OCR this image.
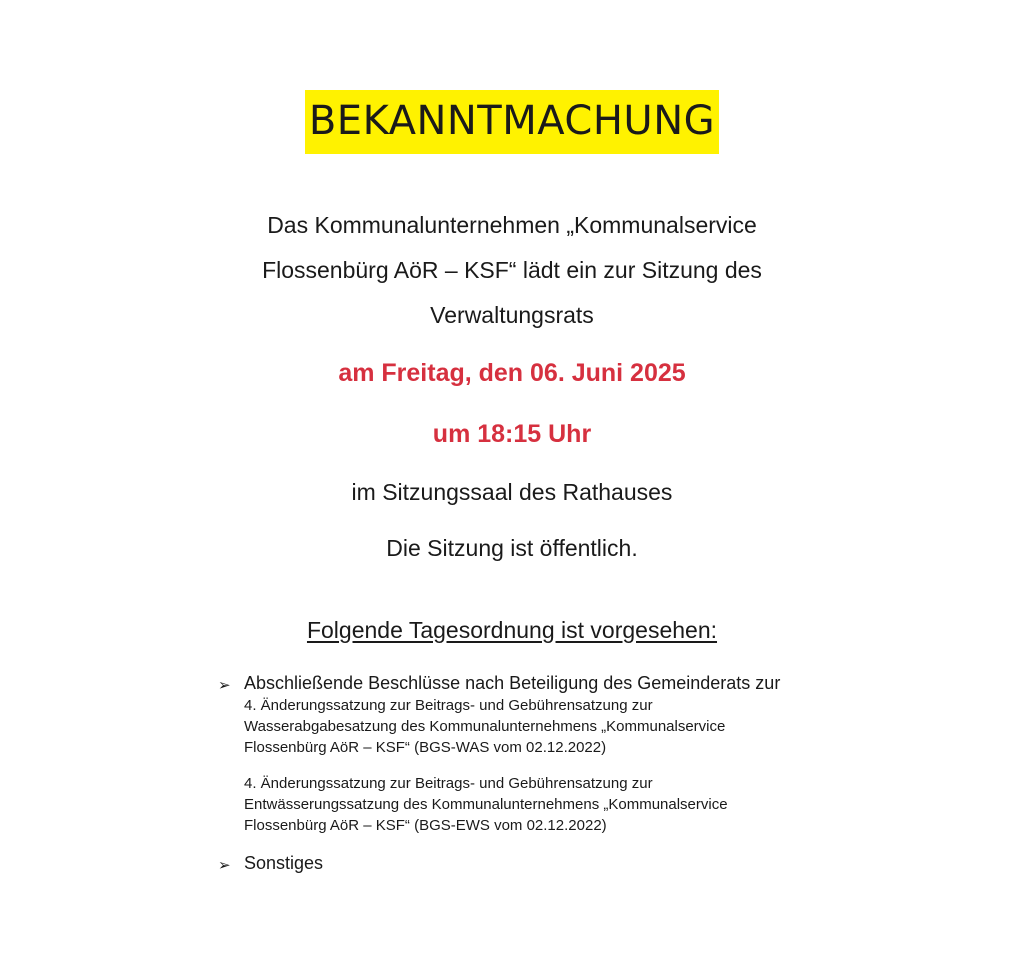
BEKANNTMACHUNG
Das Kommunalunternehmen „Kommunalservice
Flossenbürg AöR – KSF“ lädt ein zur Sitzung des
Verwaltungsrats
am Freitag, den 06. Juni 2025
um 18:15 Uhr
im Sitzungssaal des Rathauses
Die Sitzung ist öffentlich.
Folgende Tagesordnung ist vorgesehen:
➢ Abschließende Beschlüsse nach Beteiligung des Gemeinderats zur
4. Änderungssatzung zur Beitrags- und Gebührensatzung zur
Wasserabgabesatzung des Kommunalunternehmens „Kommunalservice
Flossenbürg AöR – KSF“ (BGS-WAS vom 02.12.2022)
4. Änderungssatzung zur Beitrags- und Gebührensatzung zur
Entwässerungssatzung des Kommunalunternehmens „Kommunalservice
Flossenbürg AöR – KSF“ (BGS-EWS vom 02.12.2022)
➢ Sonstiges
